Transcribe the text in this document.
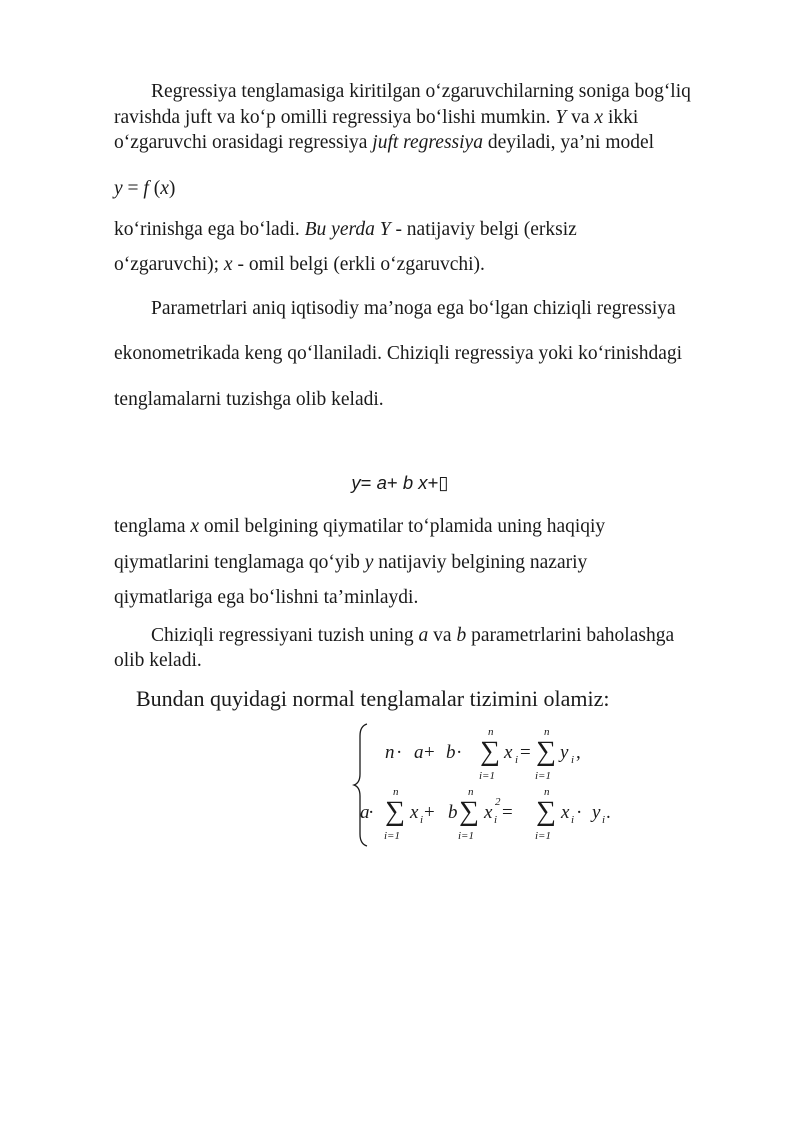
Regressiya tenglamasiga kiritilgan o‘zgaruvchilarning soniga bog‘liq
ravishda juft va ko‘p omilli regressiya bo‘lishi mumkin. Y va x ikki
o‘zgaruvchi orasidagi regressiya juft regressiya deyiladi, ya’ni model
y = f (x)
ko‘rinishga ega bo‘ladi. Bu yerda Y - natijaviy belgi (erksiz
o‘zgaruvchi); x - omil belgi (erkli o‘zgaruvchi).
Parametrlari aniq iqtisodiy ma’noga ega bo‘lgan chiziqli regressiya
ekonometrikada keng qo‘llaniladi. Chiziqli regressiya yoki ko‘rinishdagi
tenglamalarni tuzishga olib keladi.
y= a+ b x+▯
tenglama x omil belgining qiymatilar to‘plamida uning haqiqiy
qiymatlarini tenglamaga qo‘yib y natijaviy belgining nazariy
qiymatlariga ega bo‘lishni ta’minlaydi.
Chiziqli regressiyani tuzish uning a va b parametrlarini baholashga
olib keladi.
Bundan quyidagi normal tenglamalar tizimini olamiz:
n · a + b ·
n
∑
i=1
x i =
n
∑
i=1
y i ,
a
·
n
∑
i=1
x i + b
n
∑
i=1
x i
2 =
n
∑
i=1
x i · y i .
